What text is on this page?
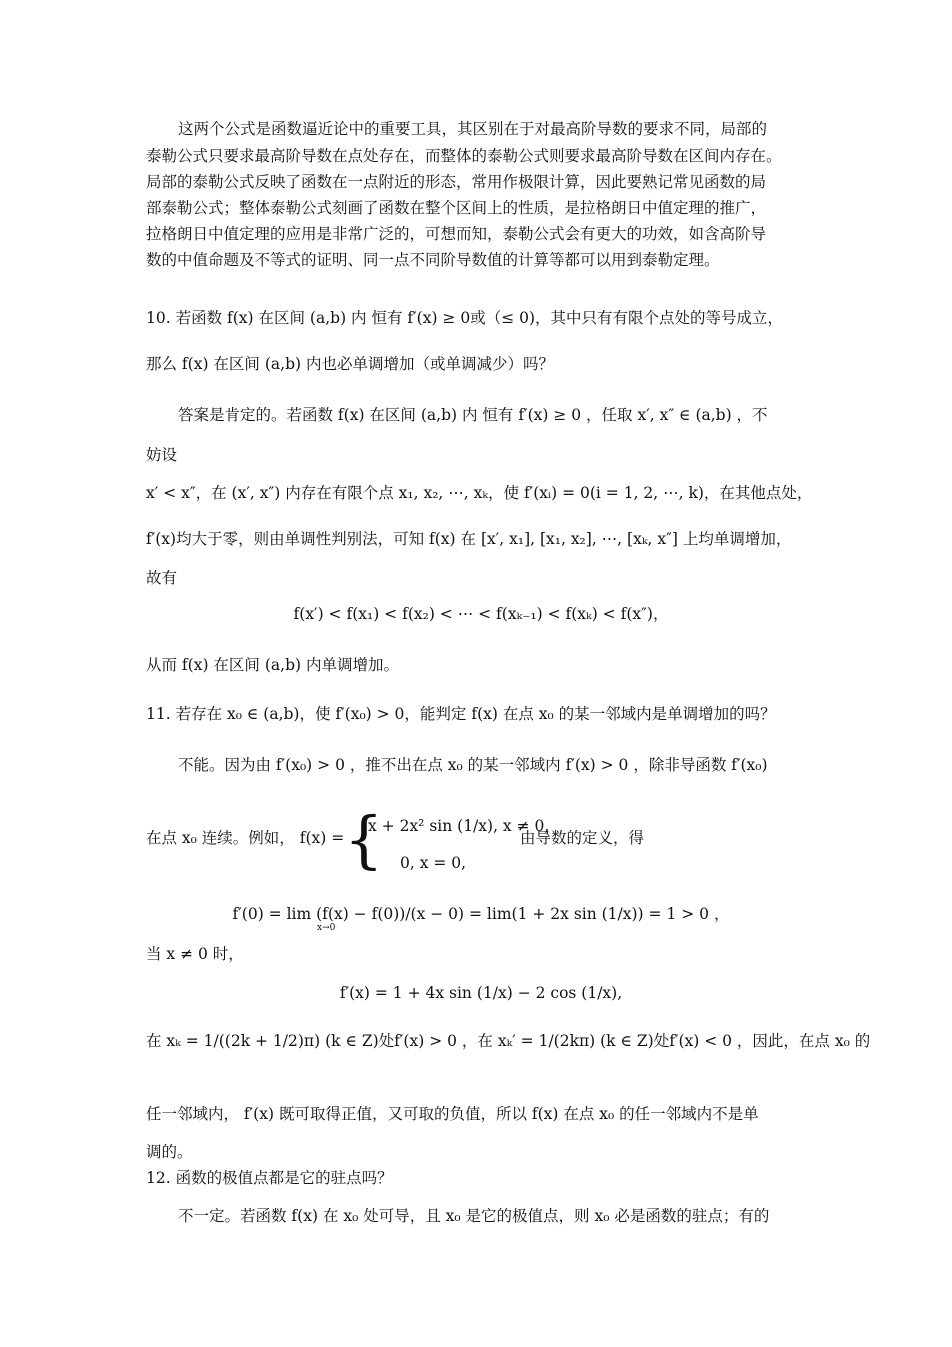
这两个公式是函数逼近论中的重要工具，其区别在于对最高阶导数的要求不同，局部的
泰勒公式只要求最高阶导数在点处存在，而整体的泰勒公式则要求最高阶导数在区间内存在。
局部的泰勒公式反映了函数在一点附近的形态，常用作极限计算，因此要熟记常见函数的局
部泰勒公式；整体泰勒公式刻画了函数在整个区间上的性质，是拉格朗日中值定理的推广，
拉格朗日中值定理的应用是非常广泛的，可想而知，泰勒公式会有更大的功效，如含高阶导
数的中值命题及不等式的证明、同一点不同阶导数值的计算等都可以用到泰勒定理。
10. 若函数 f(x) 在区间 (a,b) 内 恒有 f′(x) ≥ 0或（≤ 0)，其中只有有限个点处的等号成立，
那么 f(x) 在区间 (a,b) 内也必单调增加（或单调减少）吗？
答案是肯定的。若函数 f(x) 在区间 (a,b) 内 恒有 f′(x) ≥ 0 ，任取 x′, x″ ∈ (a,b) ，不
妨设
x′ < x″，在 (x′, x″) 内存在有限个点 x₁, x₂, ⋯, xₖ，使 f′(xᵢ) = 0(i = 1, 2, ⋯, k)，在其他点处，
f′(x)均大于零，则由单调性判别法，可知 f(x) 在 [x′, x₁], [x₁, x₂], ⋯, [xₖ, x″] 上均单调增加，
故有
f(x′) < f(x₁) < f(x₂) < ⋯ < f(xₖ₋₁) < f(xₖ) < f(x″)，
从而 f(x) 在区间 (a,b) 内单调增加。
11. 若存在 x₀ ∈ (a,b)，使 f′(x₀) > 0，能判定 f(x) 在点 x₀ 的某一邻域内是单调增加的吗？
不能。因为由 f′(x₀) > 0 ，推不出在点 x₀ 的某一邻域内 f′(x) > 0 ，除非导函数 f′(x₀)
在点 x₀ 连续。例如， f(x) = {
x + 2x² sin (1/x), x ≠ 0,
0, x = 0,
由导数的定义，得
f′(0) = lim (f(x) − f(0))/(x − 0) = lim(1 + 2x sin (1/x)) = 1 > 0 ，
x→0
当 x ≠ 0 时，
f′(x) = 1 + 4x sin (1/x) − 2 cos (1/x),
在 xₖ = 1/((2k + 1/2)π) (k ∈ Z)处f′(x) > 0 ，在 xₖ′ = 1/(2kπ) (k ∈ Z)处f′(x) < 0 ，因此，在点 x₀ 的
任一邻域内， f′(x) 既可取得正值，又可取的负值，所以 f(x) 在点 x₀ 的任一邻域内不是单
调的。
12. 函数的极值点都是它的驻点吗？
不一定。若函数 f(x) 在 x₀ 处可导，且 x₀ 是它的极值点，则 x₀ 必是函数的驻点；有的
